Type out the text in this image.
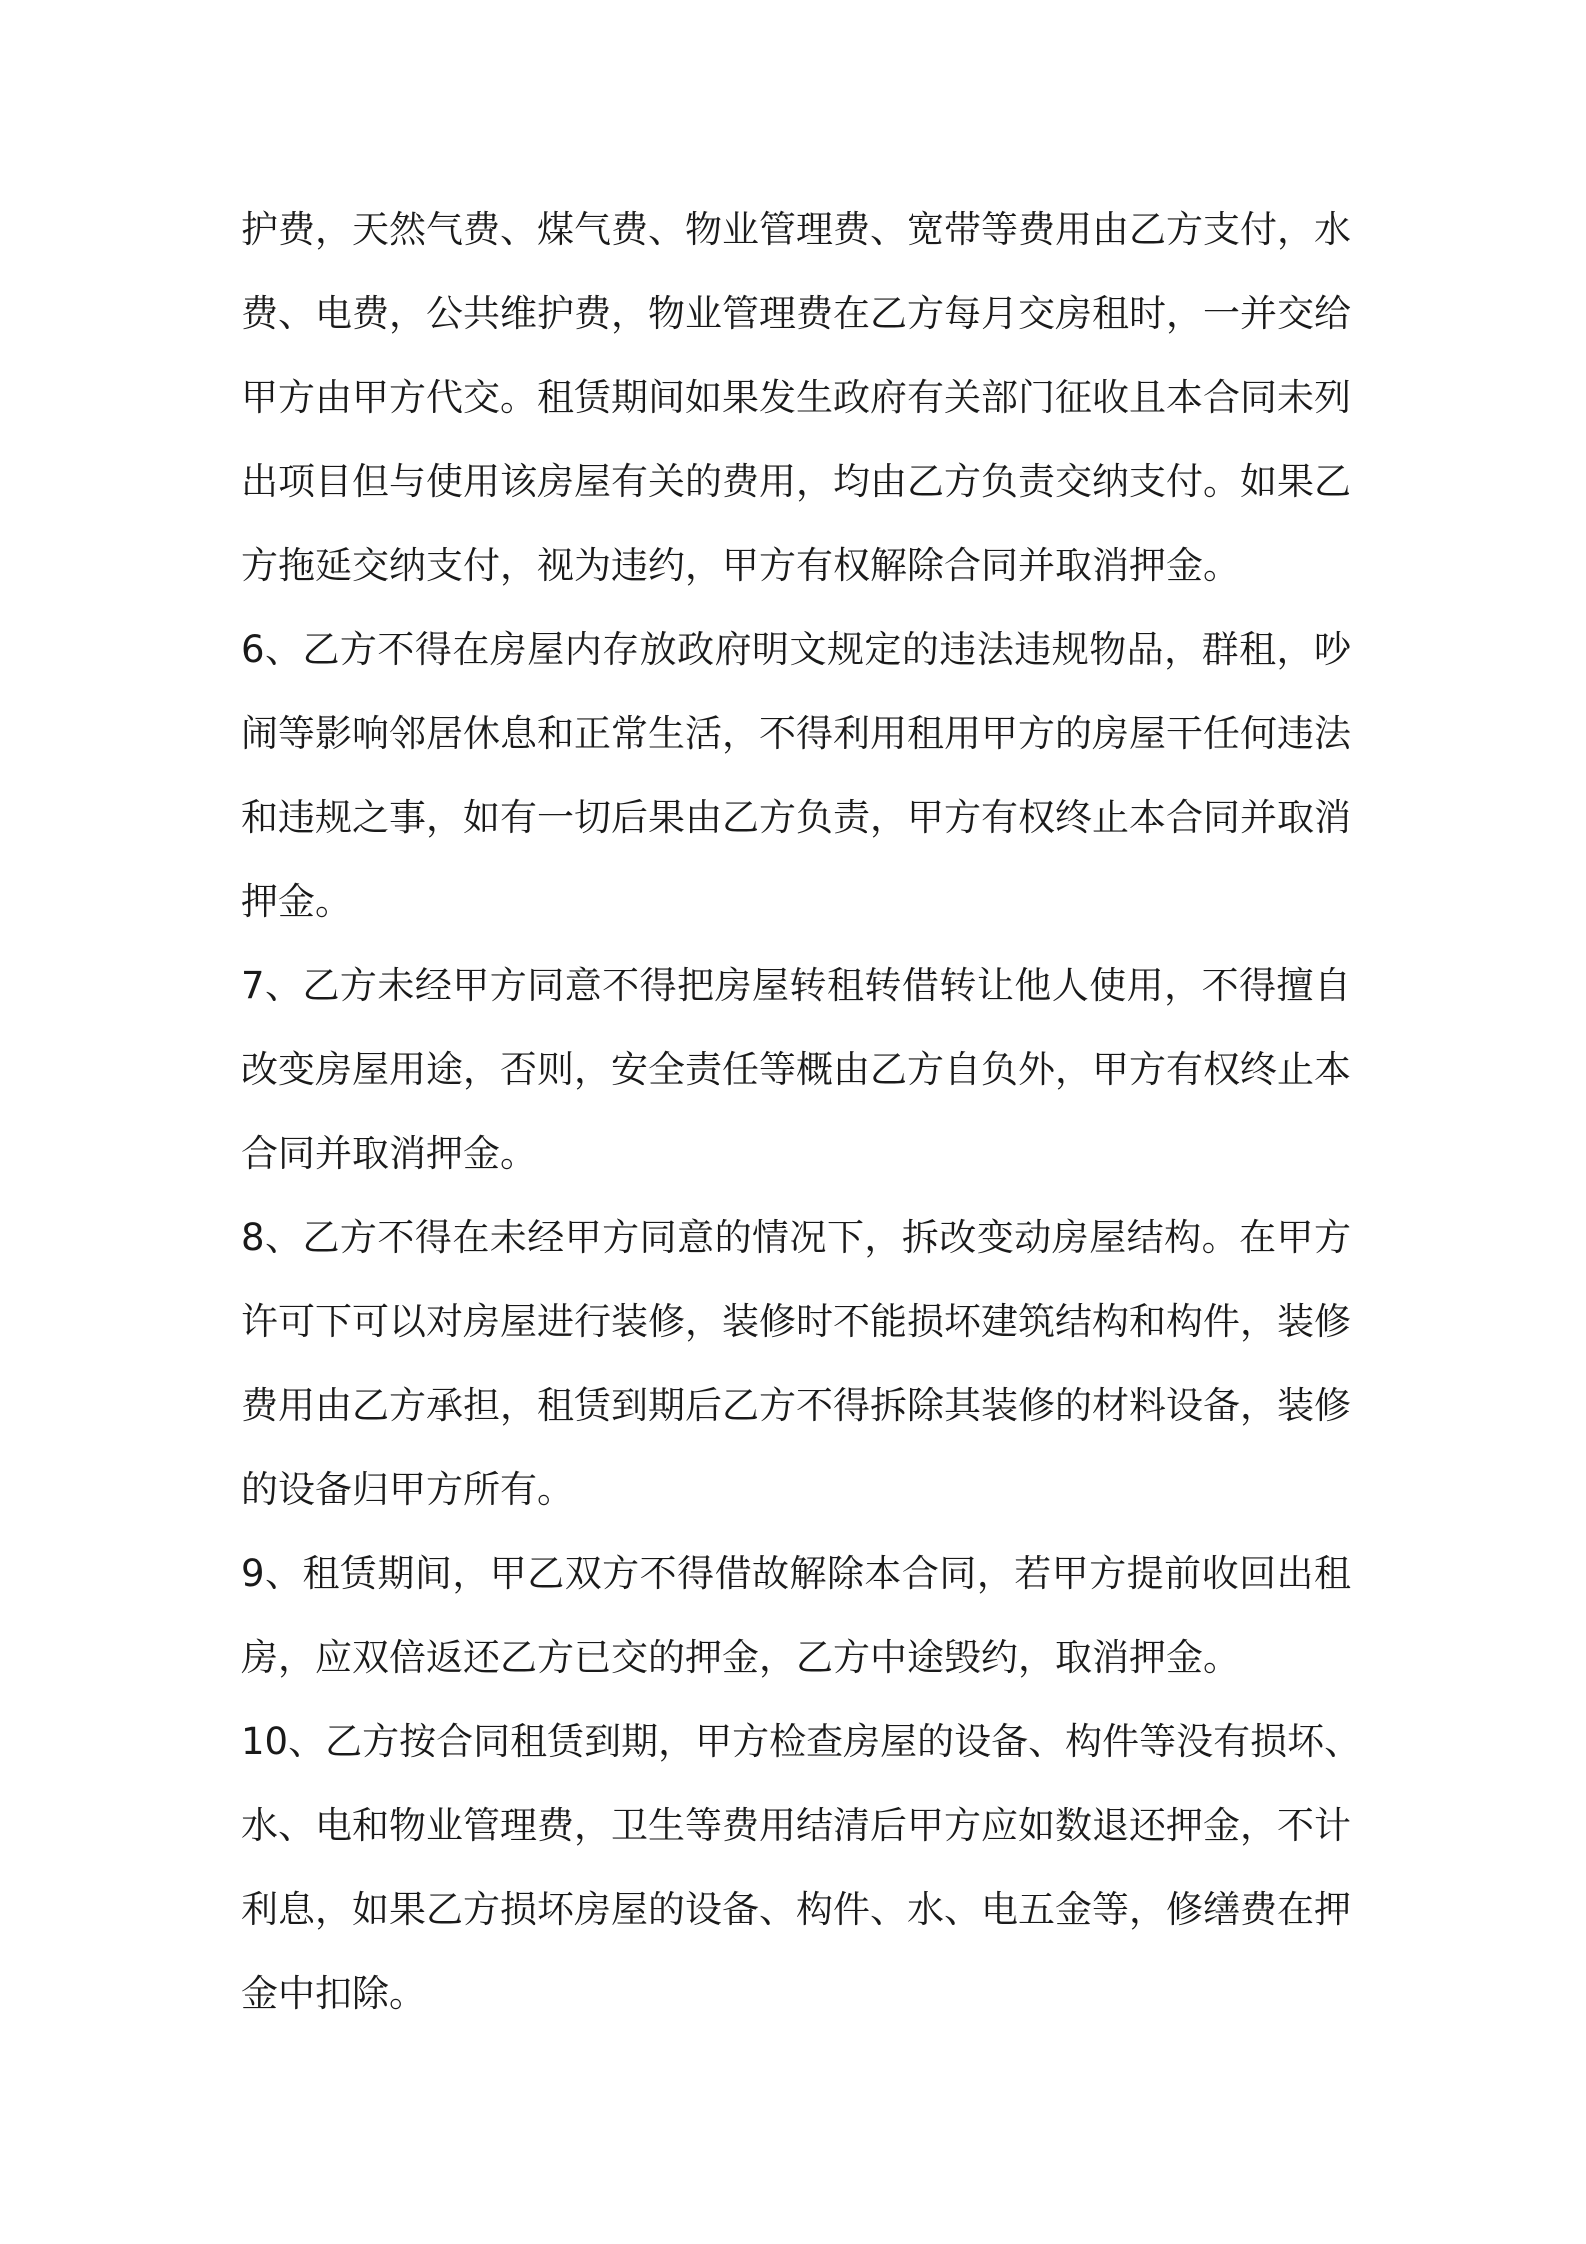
护费，天然气费、煤气费、物业管理费、宽带等费用由乙方支付，水
费、电费，公共维护费，物业管理费在乙方每月交房租时，一并交给
甲方由甲方代交。租赁期间如果发生政府有关部门征收且本合同未列
出项目但与使用该房屋有关的费用，均由乙方负责交纳支付。如果乙
方拖延交纳支付，视为违约，甲方有权解除合同并取消押金。
6、乙方不得在房屋内存放政府明文规定的违法违规物品，群租，吵
闹等影响邻居休息和正常生活，不得利用租用甲方的房屋干任何违法
和违规之事，如有一切后果由乙方负责，甲方有权终止本合同并取消
押金。
7、乙方未经甲方同意不得把房屋转租转借转让他人使用，不得擅自
改变房屋用途，否则，安全责任等概由乙方自负外，甲方有权终止本
合同并取消押金。
8、乙方不得在未经甲方同意的情况下，拆改变动房屋结构。在甲方
许可下可以对房屋进行装修，装修时不能损坏建筑结构和构件，装修
费用由乙方承担，租赁到期后乙方不得拆除其装修的材料设备，装修
的设备归甲方所有。
9、租赁期间，甲乙双方不得借故解除本合同，若甲方提前收回出租
房，应双倍返还乙方已交的押金，乙方中途毁约，取消押金。
10、乙方按合同租赁到期，甲方检查房屋的设备、构件等没有损坏、
水、电和物业管理费，卫生等费用结清后甲方应如数退还押金，不计
利息，如果乙方损坏房屋的设备、构件、水、电五金等，修缮费在押
金中扣除。
